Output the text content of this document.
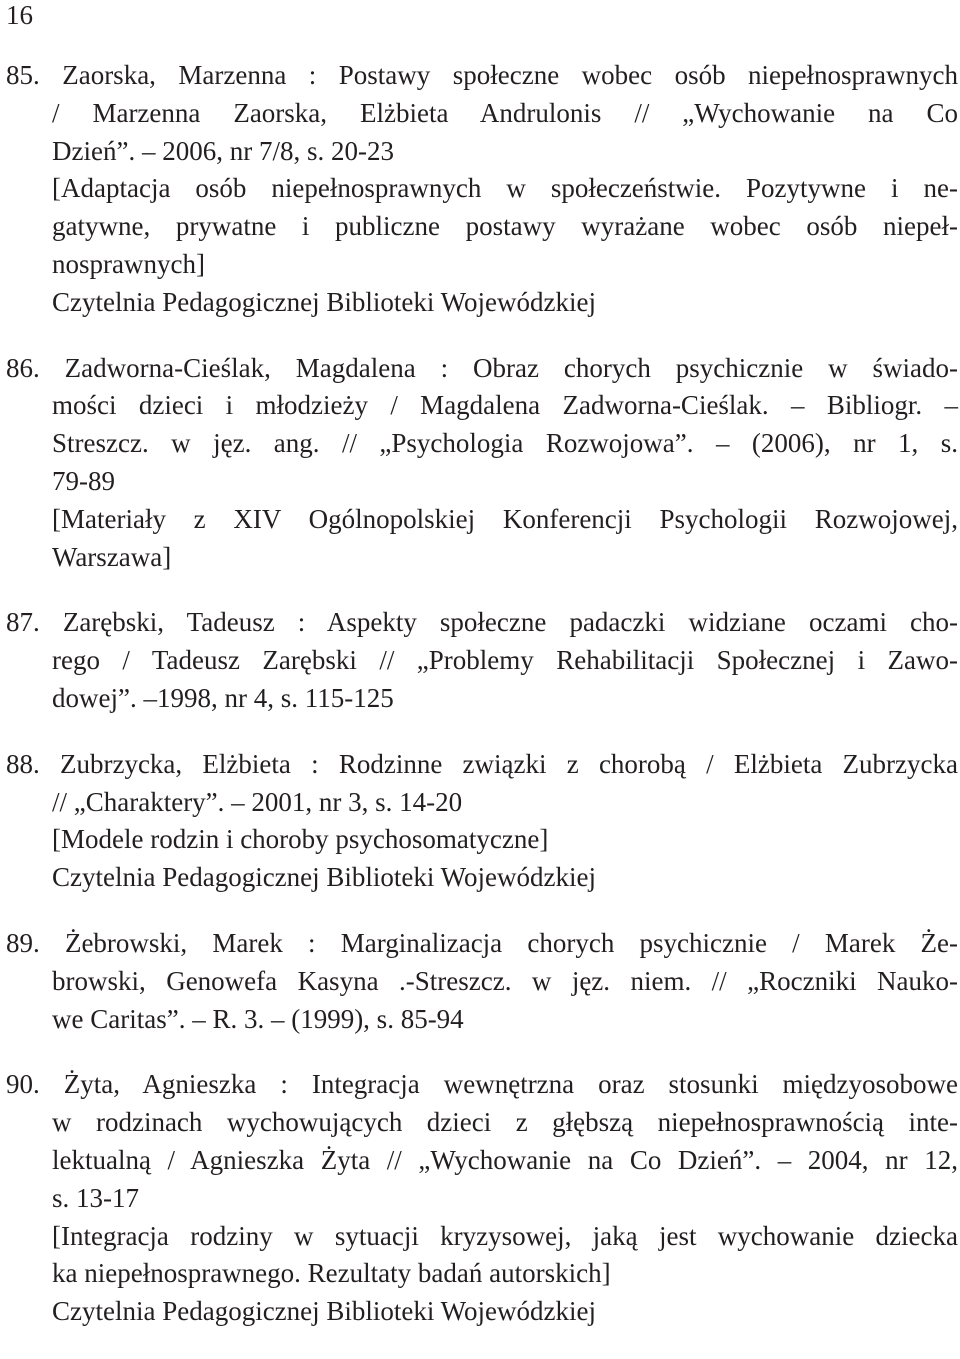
16
85. Zaorska, Marzenna : Postawy społeczne wobec osób niepełnosprawnych
/ Marzenna Zaorska, Elżbieta Andrulonis // „Wychowanie na Co
Dzień”. – 2006, nr 7/8, s. 20-23
[Adaptacja osób niepełnosprawnych w społeczeństwie. Pozytywne i ne-
gatywne, prywatne i publiczne postawy wyrażane wobec osób niepeł-
nosprawnych]
Czytelnia Pedagogicznej Biblioteki Wojewódzkiej
86. Zadworna-Cieślak, Magdalena : Obraz chorych psychicznie w świado-
mości dzieci i młodzieży / Magdalena Zadworna-Cieślak. – Bibliogr. –
Streszcz. w jęz. ang. // „Psychologia Rozwojowa”. – (2006), nr 1, s.
79-89
[Materiały z XIV Ogólnopolskiej Konferencji Psychologii Rozwojowej,
Warszawa]
87. Zarębski, Tadeusz : Aspekty społeczne padaczki widziane oczami cho-
rego / Tadeusz Zarębski // „Problemy Rehabilitacji Społecznej i Zawo-
dowej”. –1998, nr 4, s. 115-125
88. Zubrzycka, Elżbieta : Rodzinne związki z chorobą / Elżbieta Zubrzycka
// „Charaktery”. – 2001, nr 3, s. 14-20
[Modele rodzin i choroby psychosomatyczne]
Czytelnia Pedagogicznej Biblioteki Wojewódzkiej
89. Żebrowski, Marek : Marginalizacja chorych psychicznie / Marek Że-
browski, Genowefa Kasyna .-Streszcz. w jęz. niem. // „Roczniki Nauko-
we Caritas”. – R. 3. – (1999), s. 85-94
90. Żyta, Agnieszka : Integracja wewnętrzna oraz stosunki międzyosobowe
w rodzinach wychowujących dzieci z głębszą niepełnosprawnością inte-
lektualną / Agnieszka Żyta // „Wychowanie na Co Dzień”. – 2004, nr 12,
s. 13-17
[Integracja rodziny w sytuacji kryzysowej, jaką jest wychowanie dziecka
ka niepełnosprawnego. Rezultaty badań autorskich]
Czytelnia Pedagogicznej Biblioteki Wojewódzkiej
